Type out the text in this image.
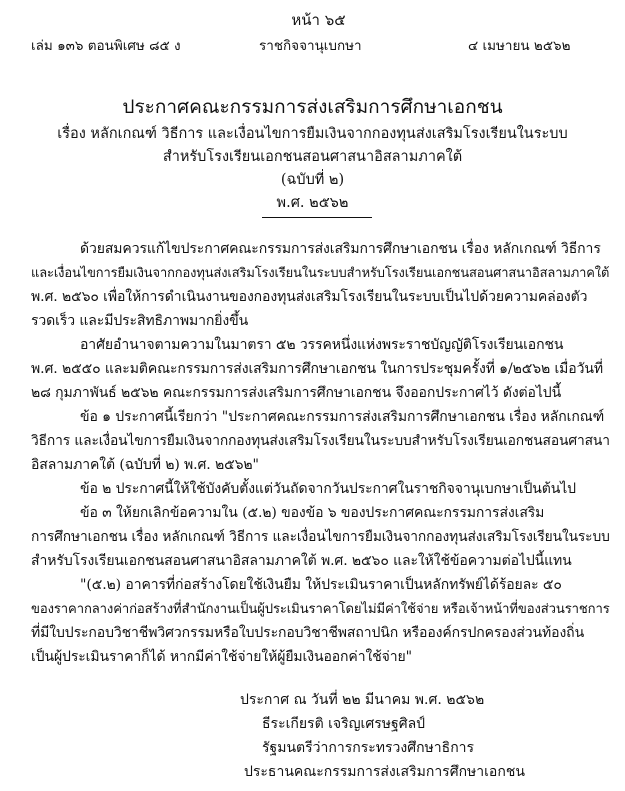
หน้า ๖๕
เล่ม ๑๓๖ ตอนพิเศษ ๘๕ ง	ราชกิจจานุเบกษา	๔ เมษายน ๒๕๖๒
ประกาศคณะกรรมการส่งเสริมการศึกษาเอกชน
เรื่อง หลักเกณฑ์ วิธีการ และเงื่อนไขการยืมเงินจากกองทุนส่งเสริมโรงเรียนในระบบ
สำหรับโรงเรียนเอกชนสอนศาสนาอิสลามภาคใต้
(ฉบับที่ ๒)
พ.ศ. ๒๕๖๒
ด้วยสมควรแก้ไขประกาศคณะกรรมการส่งเสริมการศึกษาเอกชน เรื่อง หลักเกณฑ์ วิธีการ
และเงื่อนไขการยืมเงินจากกองทุนส่งเสริมโรงเรียนในระบบสำหรับโรงเรียนเอกชนสอนศาสนาอิสลามภาคใต้
พ.ศ. ๒๕๖๐ เพื่อให้การดำเนินงานของกองทุนส่งเสริมโรงเรียนในระบบเป็นไปด้วยความคล่องตัว
รวดเร็ว และมีประสิทธิภาพมากยิ่งขึ้น
อาศัยอำนาจตามความในมาตรา ๕๒ วรรคหนึ่งแห่งพระราชบัญญัติโรงเรียนเอกชน
พ.ศ. ๒๕๕๐ และมติคณะกรรมการส่งเสริมการศึกษาเอกชน ในการประชุมครั้งที่ ๑/๒๕๖๒ เมื่อวันที่
๒๘ กุมภาพันธ์ ๒๕๖๒ คณะกรรมการส่งเสริมการศึกษาเอกชน จึงออกประกาศไว้ ดังต่อไปนี้
ข้อ ๑ ประกาศนี้เรียกว่า "ประกาศคณะกรรมการส่งเสริมการศึกษาเอกชน เรื่อง หลักเกณฑ์
วิธีการ และเงื่อนไขการยืมเงินจากกองทุนส่งเสริมโรงเรียนในระบบสำหรับโรงเรียนเอกชนสอนศาสนา
อิสลามภาคใต้ (ฉบับที่ ๒) พ.ศ. ๒๕๖๒"
ข้อ ๒ ประกาศนี้ให้ใช้บังคับตั้งแต่วันถัดจากวันประกาศในราชกิจจานุเบกษาเป็นต้นไป
ข้อ ๓ ให้ยกเลิกข้อความใน (๕.๒) ของข้อ ๖ ของประกาศคณะกรรมการส่งเสริม
การศึกษาเอกชน เรื่อง หลักเกณฑ์ วิธีการ และเงื่อนไขการยืมเงินจากกองทุนส่งเสริมโรงเรียนในระบบ
สำหรับโรงเรียนเอกชนสอนศาสนาอิสลามภาคใต้ พ.ศ. ๒๕๖๐ และให้ใช้ข้อความต่อไปนี้แทน
"(๕.๒) อาคารที่ก่อสร้างโดยใช้เงินยืม ให้ประเมินราคาเป็นหลักทรัพย์ได้ร้อยละ ๕๐
ของราคากลางค่าก่อสร้างที่สำนักงานเป็นผู้ประเมินราคาโดยไม่มีค่าใช้จ่าย หรือเจ้าหน้าที่ของส่วนราชการ
ที่มีใบประกอบวิชาชีพวิศวกรรมหรือใบประกอบวิชาชีพสถาปนิก หรือองค์กรปกครองส่วนท้องถิ่น
เป็นผู้ประเมินราคาก็ได้ หากมีค่าใช้จ่ายให้ผู้ยืมเงินออกค่าใช้จ่าย"
ประกาศ ณ วันที่ ๒๒ มีนาคม พ.ศ. ๒๕๖๒
ธีระเกียรติ เจริญเศรษฐศิลป์
รัฐมนตรีว่าการกระทรวงศึกษาธิการ
ประธานคณะกรรมการส่งเสริมการศึกษาเอกชน
